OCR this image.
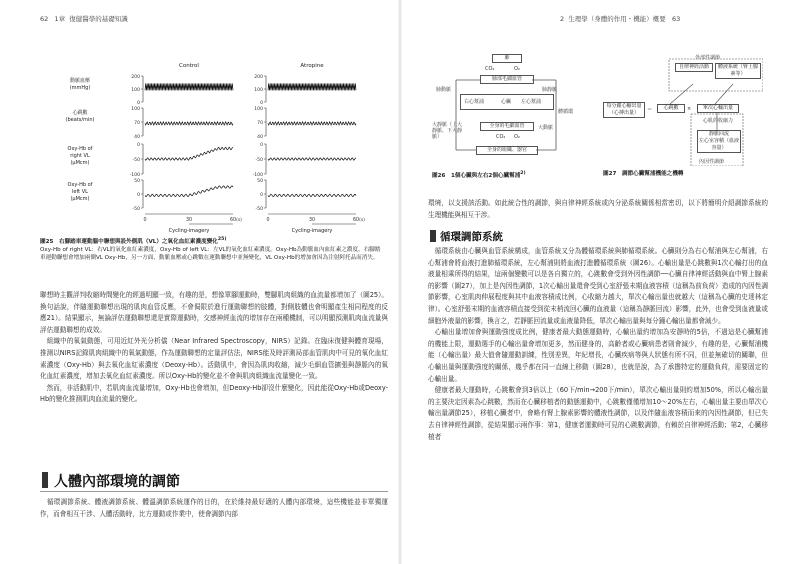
62 1章 復健醫學的基礎知識
Control	Atropine
動脈血壓
(mmHg)
200
100
0
200
100
0
心跳數
(beats/min)
100
70
40
100
70
40
Oxy-Hb of
right VL
(μMcm)
0
-50
-100
0
-50
-100
Oxy-Hb of
left VL
(μMcm)
50
0
-50
50
0
-50
0	30	60 (s)
Cycling-imagery
0	30	60 (s)
Cycling-imagery
圖25　右腳踏車運動腦中聯想與設外側肌（VL）之氧化血紅素濃度變化$^{25)}$
Oxy-Hb of right VL：右VL的氧化血紅素濃度，Oxy-Hb of left VL：左VL的氧化血紅素濃度。Oxy-Hb為動脈血內血紅素之濃度，右腳踏車運動聯想會增加兩側VL Oxy-Hb，另一方面，動脈血壓或心跳數在運動聯想中並無變化，VL Oxy-Hb的增加會因為注射阿托品而消失。
聯想時主觀評判收縮時間變化的經過明顯一致，有趣的是，想像單腳運動時，雙腳肌肉組織的血流量都增加了（圖25）。換句話說，伴隨運動聯想出現的肌肉血管反應，不會侷限於進行運動聯想的肢體，對側肢體也會明顯產生相同程度的反應21）。結果顯示，無論評估運動聯想還是實際運動時，交感神經血流的增加存在兩種機制，可以明顯預測肌肉血流量與評估運動聯想的成效。
　組織中的氧氣動態，可用近紅外光分析儀（Near Infrared Spectroscopy，NIRS）記錄。在臨床復健與體育現場，推測以NIRS記錄肌肉組織中的氧氣動態，作為運動聯想的定量評估法，NIRS能及時評測局部血管肌肉中可見的氧化血紅素濃度（Oxy-Hb）與去氧化血紅素濃度（Deoxy-Hb）。活動肌中，會因為肌肉收縮，減少毛細血管擴張與靜脈內的氧化血紅素濃度，增加去氧化血紅素濃度。所以Oxy-Hb的變化並不會與肌肉組織血流量變化一致。
　然而，非活動肌中，若肌肉血流量增加，Oxy-Hb也會增加，但Deoxy-Hb卻沒什麼變化，因此能從Oxy-Hb或Deoxy-Hb的變化推測肌肉血流量的變化。
人體內部環境的調節
　循環調節系統、體液調節系統、體溫調節系統運作的目的，在於維持最好適的人體內部環境，這些機能並非單獨運作，而會相互干涉、人體活動時，比方運動或作業中，使會調節內部
2 生理學（身體的作用・機能）概要 63
肺
CO₂	O₂
肺部毛細血管
肺動脈	肺靜脈
右心幫浦	心臟 左心幫浦
體循環
大靜脈（上大靜脈、下大靜脈）
全身的毛細血管	大動脈
CO₂ O₂
全身的組織、器官
圖26　1個心臟與左右2個心臟幫浦$^{2)}$
外部性調節
自律神經活動	體液系統（腎上腺素等）
每分鐘心輸出量（心搏出量）	＝	心跳數	×	單次心輸出量
心肌的收縮力
靜脈回流
左心室容積（血液容量）
內因性調節
圖27　調節心臟幫浦機能之機轉
環境，以支援該活動。如此統合性的調節，與自律神經系統或內分泌系統關係相當密切，以下將簡明介紹調節系統的生理機能與相互干涉。
循環調節系統
　循環系統由心臟與血管系統構成，血管系統又分為體循環系統與肺循環系統。心臟則分為右心幫浦與左心幫浦，右心幫浦會將血液打進肺循環系統，左心幫浦則將血液打進體循環系統（圖26）。心輸出量是心跳數與1次心輸打出的血液量相乘所得的結果，這兩個變數可以是各自獨立的，心跳數會受到外因性調節──心臟自律神經活動與血中腎上腺素的影響（圖27），加上是內因性調節，1次心輸出量還會受到心室舒張末期血液容積（這稱為前負荷）造成的內因性調節影響，心室肌肉伸展程度與其中血液容積成比例，心收縮力越大，單次心輸出量也就越大（這稱為心臟的史達林定律）。心室舒張末期的血液容積直接受到從末梢流回心臟的血液量（這稱為靜脈回流）影響，此外，也會受到血液量或細胞外液量的影響，換言之，若靜脈回流量或血液量降低，單次心輸出量與每分鐘心輸出量都會減少。
　心輸出量增加會與運動強度成比例，健康者最大動態運動時，心輸出量約增加為安靜時的5倍，不過這是心臟幫浦的機能上限，運動選手的心輸出量會增加更多，然而健身的，高齡者或心臟病患者則會減少，有趣的是，心臟幫浦機能（心輸出量）最大值會隨運動訓練，性別差異，年紀增長，心臟疾病等與人狀態有所不同，但並無確切的關聯，但心輸出量與運動強度的關係，幾乎都在同一直線上移動（圖28），也就是說，為了承擔特定的運動負荷，需要固定的心輸出量。
　健康者最大運動時，心跳數會到3倍以上（60下/min→200下/min），單次心輸出量則約增加50%，所以心輸出量的主要決定因素為心跳數，然而在心臟移植者的動態運動中，心跳數僅僅增加10～20%左右，心輸出量主要由單次心輸出量調節25），移植心臟者中，會略有腎上腺素影響的體液性調節，以及伴隨血液容積而來的內因性調節，但已失去自律神經性調節，從結果顯示兩作事：第1，健康者運動時可見的心跳數調節，有賴於自律神經活動；第2，心臟移植者
